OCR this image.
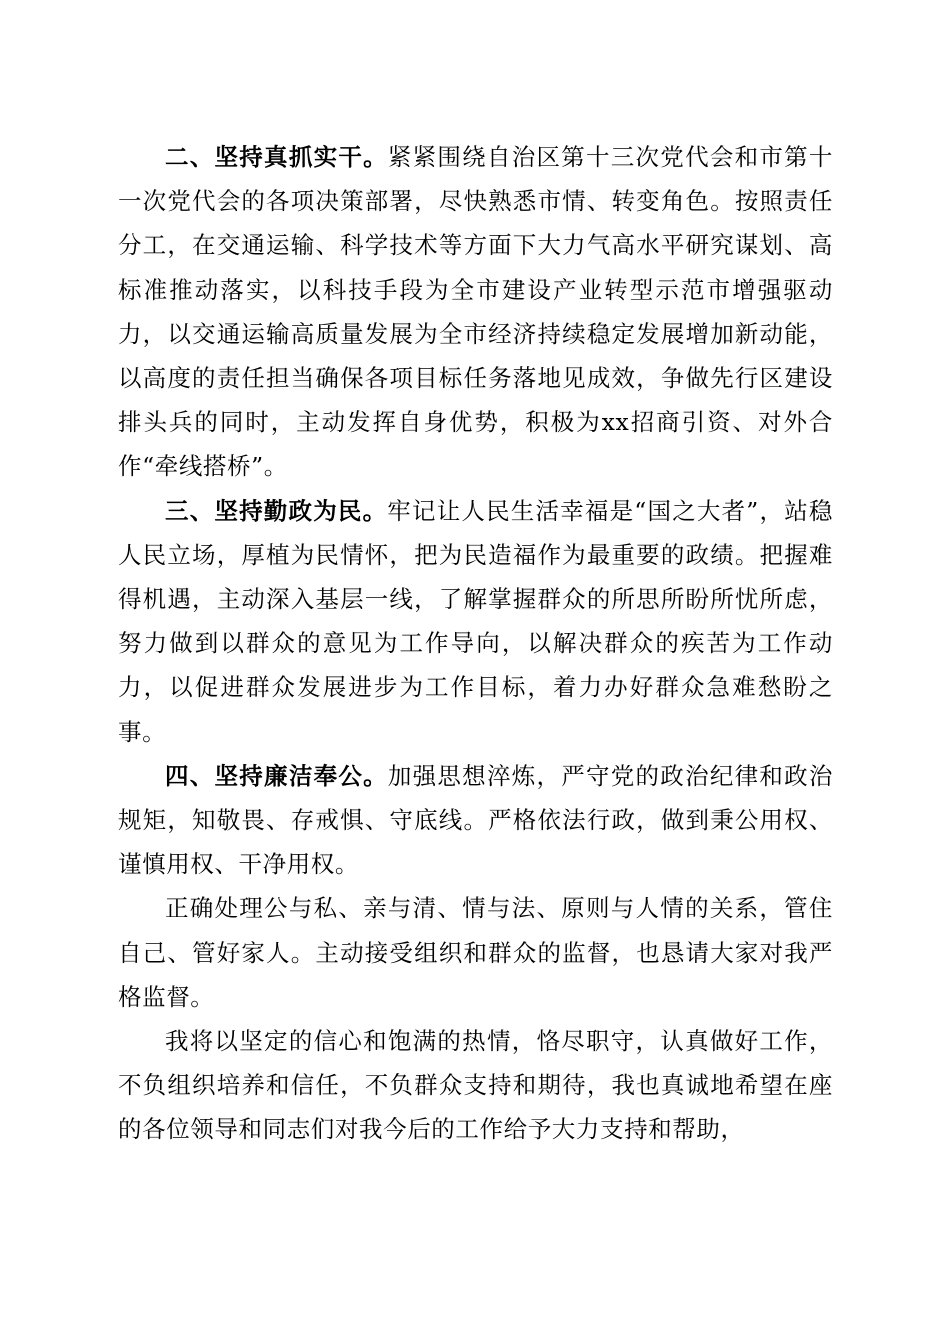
二、坚持真抓实干。紧紧围绕自治区第十三次党代会和市第十一次党代会的各项决策部署，尽快熟悉市情、转变角色。按照责任分工，在交通运输、科学技术等方面下大力气高水平研究谋划、高标准推动落实，以科技手段为全市建设产业转型示范市增强驱动力，以交通运输高质量发展为全市经济持续稳定发展增加新动能，以高度的责任担当确保各项目标任务落地见成效，争做先行区建设排头兵的同时，主动发挥自身优势，积极为xx招商引资、对外合作“牵线搭桥”。

三、坚持勤政为民。牢记让人民生活幸福是“国之大者”，站稳人民立场，厚植为民情怀，把为民造福作为最重要的政绩。把握难得机遇，主动深入基层一线，了解掌握群众的所思所盼所忧所虑，努力做到以群众的意见为工作导向，以解决群众的疾苦为工作动力，以促进群众发展进步为工作目标，着力办好群众急难愁盼之事。

四、坚持廉洁奉公。加强思想淬炼，严守党的政治纪律和政治规矩，知敬畏、存戒惧、守底线。严格依法行政，做到秉公用权、谨慎用权、干净用权。

正确处理公与私、亲与清、情与法、原则与人情的关系，管住自己、管好家人。主动接受组织和群众的监督，也恳请大家对我严格监督。

我将以坚定的信心和饱满的热情，恪尽职守，认真做好工作，不负组织培养和信任，不负群众支持和期待，我也真诚地希望在座的各位领导和同志们对我今后的工作给予大力支持和帮助，
